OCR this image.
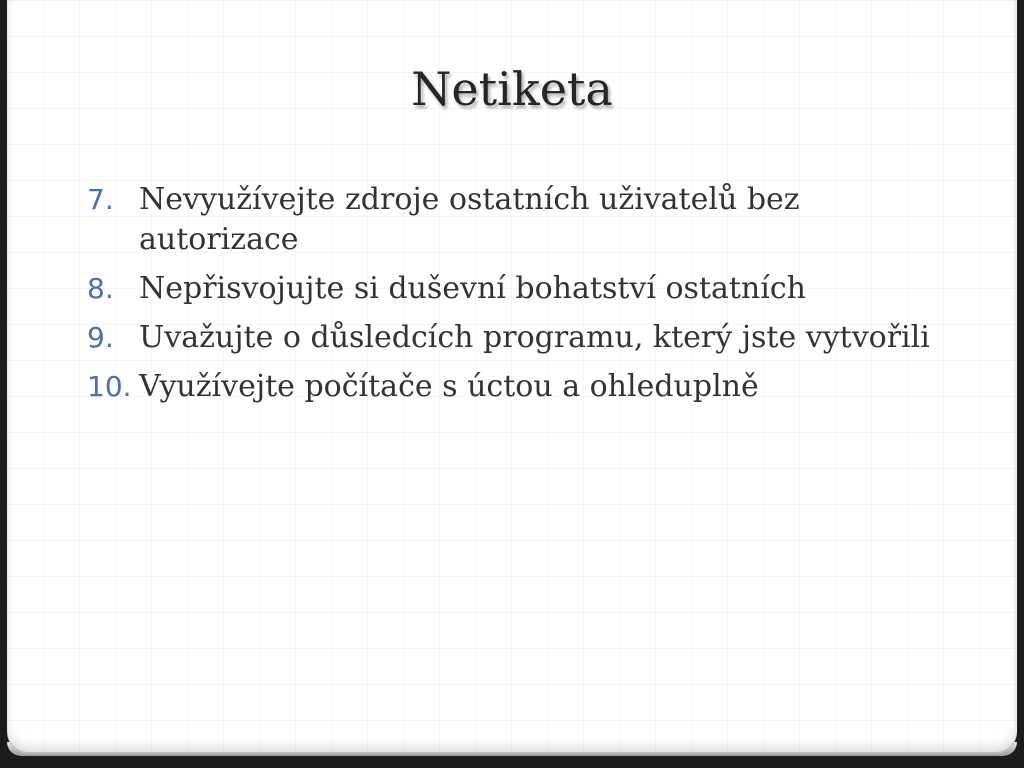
Netiketa
7. Nevyužívejte zdroje ostatních uživatelů bez autorizace
8. Nepřisvojujte si duševní bohatství ostatních
9. Uvažujte o důsledcích programu, který jste vytvořili
10. Využívejte počítače s úctou a ohleduplně
